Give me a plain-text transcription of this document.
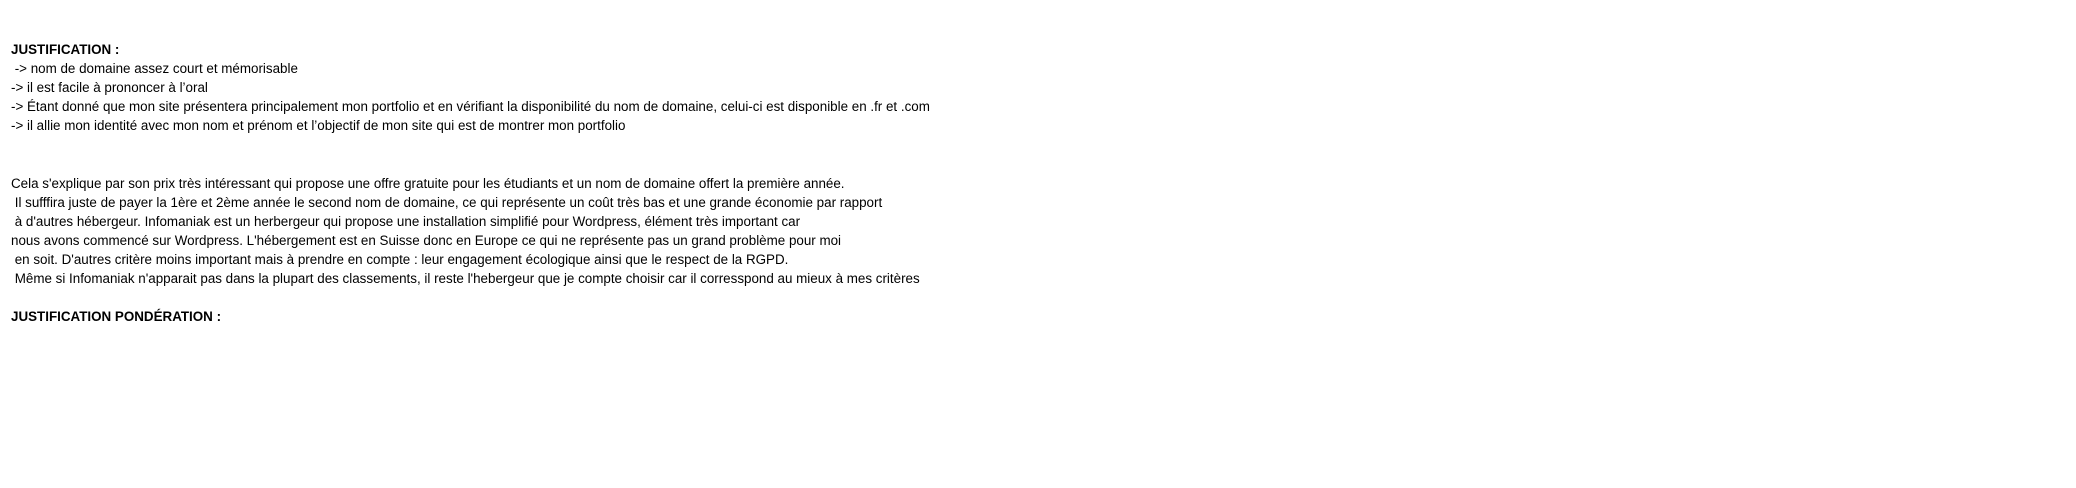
JUSTIFICATION :
-> nom de domaine assez court et mémorisable
-> il est facile à prononcer à l’oral
-> Étant donné que mon site présentera principalement mon portfolio et en vérifiant la disponibilité du nom de domaine, celui-ci est disponible en .fr et .com
-> il allie mon identité avec mon nom et prénom et l’objectif de mon site qui est de montrer mon portfolio

Cela s'explique par son prix très intéressant qui propose une offre gratuite pour les étudiants et un nom de domaine offert la première année.
Il sufffira juste de payer la 1ère et 2ème année le second nom de domaine, ce qui représente un coût très bas et une grande économie par rapport
à d'autres hébergeur. Infomaniak est un herbergeur qui propose une installation simplifié pour Wordpress, élément très important car
nous avons commencé sur Wordpress. L'hébergement est en Suisse donc en Europe ce qui ne représente pas un grand problème pour moi
en soit. D'autres critère moins important mais à prendre en compte : leur engagement écologique ainsi que le respect de la RGPD.
Même si Infomaniak n'apparait pas dans la plupart des classements, il reste l'hebergeur que je compte choisir car il corresspond au mieux à mes critères
JUSTIFICATION PONDÉRATION :
